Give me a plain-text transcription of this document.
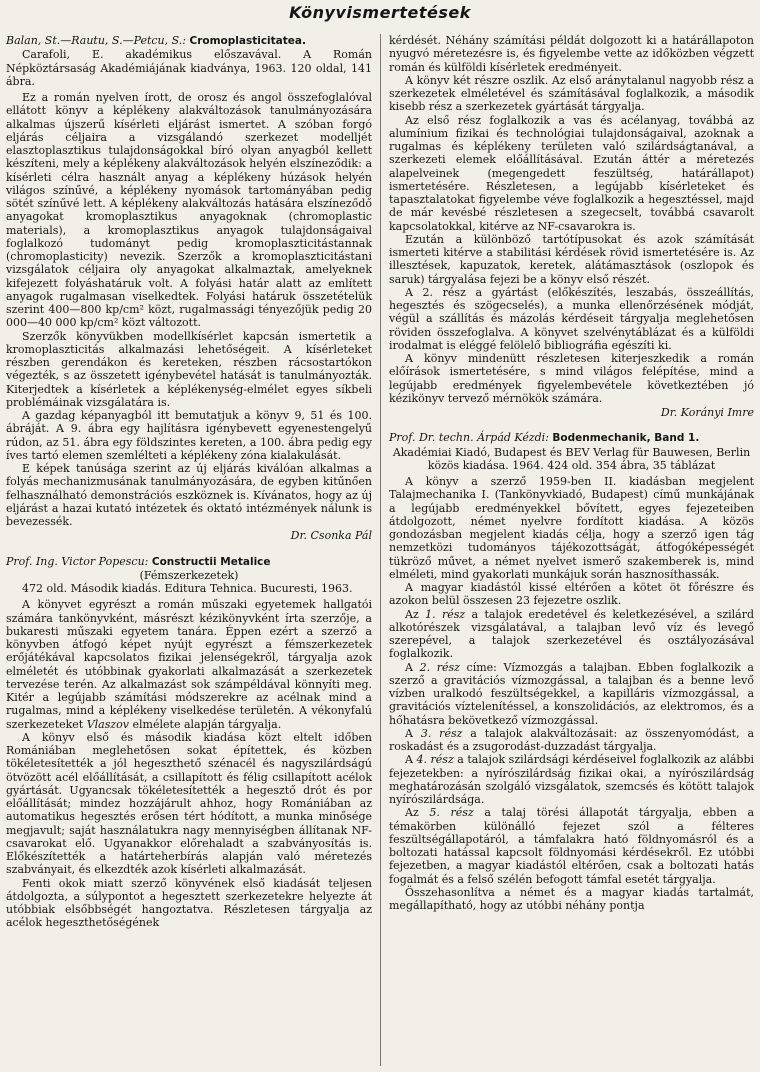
Könyvismertetések

Balan, St.—Rautu, S.—Petcu, S.: Cromoplasticitatea.

Carafoli, E. akadémikus előszavával. A Román Népköztársaság Akadémiájának kiadványa, 1963. 120 oldal, 141 ábra.

Ez a román nyelven írott, de orosz és angol összefoglalóval ellátott könyv a képlékeny alakváltozások tanulmányozására alkalmas újszerű kísérleti eljárást ismertet. A szóban forgó eljárás céljaira a vizsgálandó szerkezet modelljét elasztoplasztikus tulajdonságokkal bíró olyan anyagból kellett készíteni, mely a képlékeny alakváltozások helyén elszíneződik: a kísérleti célra használt anyag a képlékeny húzások helyén világos színűvé, a képlékeny nyomások tartományában pedig sötét színűvé lett. A képlékeny alakváltozás hatására elszíneződő anyagokat kromoplasztikus anyagoknak (chromoplastic materials), a kromoplasztikus anyagok tulajdonságaival foglalkozó tudományt pedig kromoplaszticitástannak (chromoplasticity) nevezik. Szerzők a kromoplaszticitástani vizsgálatok céljaira oly anyagokat alkalmaztak, amelyeknek kifejezett folyáshatáruk volt. A folyási határ alatt az említett anyagok rugalmasan viselkedtek. Folyási határuk összetételük szerint 400—800 kp/cm² közt, rugalmassági tényezőjük pedig 20 000—40 000 kp/cm² közt változott.

Szerzők könyvükben modellkísérlet kapcsán ismertetik a kromoplaszticitás alkalmazási lehetőségeit. A kísérleteket részben gerendákon és kereteken, részben rácsostartókon végezték, s az összetett igénybevétel hatását is tanulmányozták. Kiterjedtek a kísérletek a képlékenység-elmélet egyes síkbeli problémáinak vizsgálatára is.

A gazdag képanyagból itt bemutatjuk a könyv 9, 51 és 100. ábráját. A 9. ábra egy hajlításra igénybevett egyenestengelyű rúdon, az 51. ábra egy földszintes kereten, a 100. ábra pedig egy íves tartó elemen szemlélteti a képlékeny zóna kialakulását.

E képek tanúsága szerint az új eljárás kiválóan alkalmas a folyás mechanizmusának tanulmányozására, de egyben kitűnően felhasználható demonstrációs eszköznek is. Kívánatos, hogy az új eljárást a hazai kutató intézetek és oktató intézmények nálunk is bevezessék.

Dr. Csonka Pál

Prof. Ing. Victor Popescu: Constructii Metalice

(Fémszerkezetek)

472 old. Második kiadás. Editura Tehnica. Bucuresti, 1963.

A könyvet egyrészt a román műszaki egyetemek hallgatói számára tankönyvként, másrészt kézikönyvként írta szerzője, a bukaresti műszaki egyetem tanára. Éppen ezért a szerző a könyvben átfogó képet nyújt egyrészt a fémszerkezetek erőjátékával kapcsolatos fizikai jelenségekről, tárgyalja azok elméletét és utóbbinak gyakorlati alkalmazását a szerkezetek tervezése terén. Az alkalmazást sok számpéldával könnyíti meg. Kitér a legújabb számítási módszerekre az acélnak mind a rugalmas, mind a képlékeny viselkedése területén. A vékonyfalú szerkezeteket Vlaszov elmélete alapján tárgyalja.

A könyv első és második kiadása közt eltelt időben Romániában meglehetősen sokat építettek, és közben tökéletesítették a jól hegeszthető szénacél és nagyszilárdságú ötvözött acél előállítását, a csillapított és félig csillapított acélok gyártását. Ugyancsak tökéletesítették a hegesztő drót és por előállítását; mindez hozzájárult ahhoz, hogy Romániában az automatikus hegesztés erősen tért hódított, a munka minősége megjavult; saját használatukra nagy mennyiségben állítanak NF-csavarokat elő. Ugyanakkor előrehaladt a szabványosítás is. Előkészítették a határteherbírás alapján való méretezés szabványait, és elkezdték azok kísérleti alkalmazását.

Fenti okok miatt szerző könyvének első kiadását teljesen átdolgozta, a súlypontot a hegesztett szerkezetekre helyezte át utóbbiak elsőbbségét hangoztatva. Részletesen tárgyalja az acélok hegeszthetőségének

kérdését. Néhány számítási példát dolgozott ki a határállapoton nyugvó méretezésre is, és figyelembe vette az időközben végzett román és külföldi kísérletek eredményeit.

A könyv két részre oszlik. Az első aránytalanul nagyobb rész a szerkezetek elméletével és számításával foglalkozik, a második kisebb rész a szerkezetek gyártását tárgyalja.

Az első rész foglalkozik a vas és acélanyag, továbbá az alumínium fizikai és technológiai tulajdonságaival, azoknak a rugalmas és képlékeny területen való szilárdságtanával, a szerkezeti elemek előállításával. Ezután áttér a méretezés alapelveinek (megengedett feszültség, határállapot) ismertetésére. Részletesen, a legújabb kísérleteket és tapasztalatokat figyelembe véve foglalkozik a hegesztéssel, majd de már kevésbé részletesen a szegecselt, továbbá csavarolt kapcsolatokkal, kitérve az NF-csavarokra is.

Ezután a különböző tartótípusokat és azok számítását ismerteti kitérve a stabilitási kérdések rövid ismertetésére is. Az illesztések, kapuzatok, keretek, alátámasztások (oszlopok és saruk) tárgyalása fejezi be a könyv első részét.

A 2. rész a gyártást (előkészítés, leszabás, összeállítás, hegesztés és szögecselés), a munka ellenőrzésének módját, végül a szállítás és mázolás kérdéseit tárgyalja meglehetősen röviden összefoglalva. A könyvet szelvénytáblázat és a külföldi irodalmat is eléggé felölelő bibliográfia egészíti ki.

A könyv mindenütt részletesen kiterjeszkedik a román előírások ismertetésére, s mind világos felépítése, mind a legújabb eredmények figyelembevétele következtében jó kézikönyv tervező mérnökök számára.

Dr. Korányi Imre

Prof. Dr. techn. Árpád Kézdi: Bodenmechanik, Band 1.

Akadémiai Kiadó, Budapest és BEV Verlag für Bauwesen, Berlin közös kiadása. 1964. 424 old. 354 ábra, 35 táblázat

A könyv a szerző 1959-ben II. kiadásban megjelent Talajmechanika I. (Tankönyvkiadó, Budapest) című munkájának a legújabb eredményekkel bővített, egyes fejezeteiben átdolgozott, német nyelvre fordított kiadása. A közös gondozásban megjelent kiadás célja, hogy a szerző igen tág nemzetközi tudományos tájékozottságát, átfogóképességét tükröző művet, a német nyelvet ismerő szakemberek is, mind elméleti, mind gyakorlati munkájuk során hasznosíthassák.

A magyar kiadástól kissé eltérően a kötet öt főrészre és azokon belül összesen 23 fejezetre oszlik.

Az 1. rész a talajok eredetével és keletkezésével, a szilárd alkotórészek vizsgálatával, a talajban levő víz és levegő szerepével, a talajok szerkezetével és osztályozásával foglalkozik.

A 2. rész címe: Vízmozgás a talajban. Ebben foglalkozik a szerző a gravitációs vízmozgással, a talajban és a benne levő vízben uralkodó feszültségekkel, a kapilláris vízmozgással, a gravitációs víztelenítéssel, a konszolidációs, az elektromos, és a hőhatásra bekövetkező vízmozgással.

A 3. rész a talajok alakváltozásait: az összenyomódást, a roskadást és a zsugorodást-duzzadást tárgyalja.

A 4. rész a talajok szilárdsági kérdéseivel foglalkozik az alábbi fejezetekben: a nyírószilárdság fizikai okai, a nyírószilárdság meghatározásán szolgáló vizsgálatok, szemcsés és kötött talajok nyírószilárdsága.

Az 5. rész a talaj törési állapotát tárgyalja, ebben a témakörben különálló fejezet szól a félteres feszültségállapotáról, a támfalakra ható földnyomásról és a boltozati hatással kapcsolt földnyomási kérdésekről. Ez utóbbi fejezetben, a magyar kiadástól eltérően, csak a boltozati hatás fogalmát és a felső szélén befogott támfal esetét tárgyalja.

Összehasonlítva a német és a magyar kiadás tartalmát, megállapítható, hogy az utóbbi néhány pontja
